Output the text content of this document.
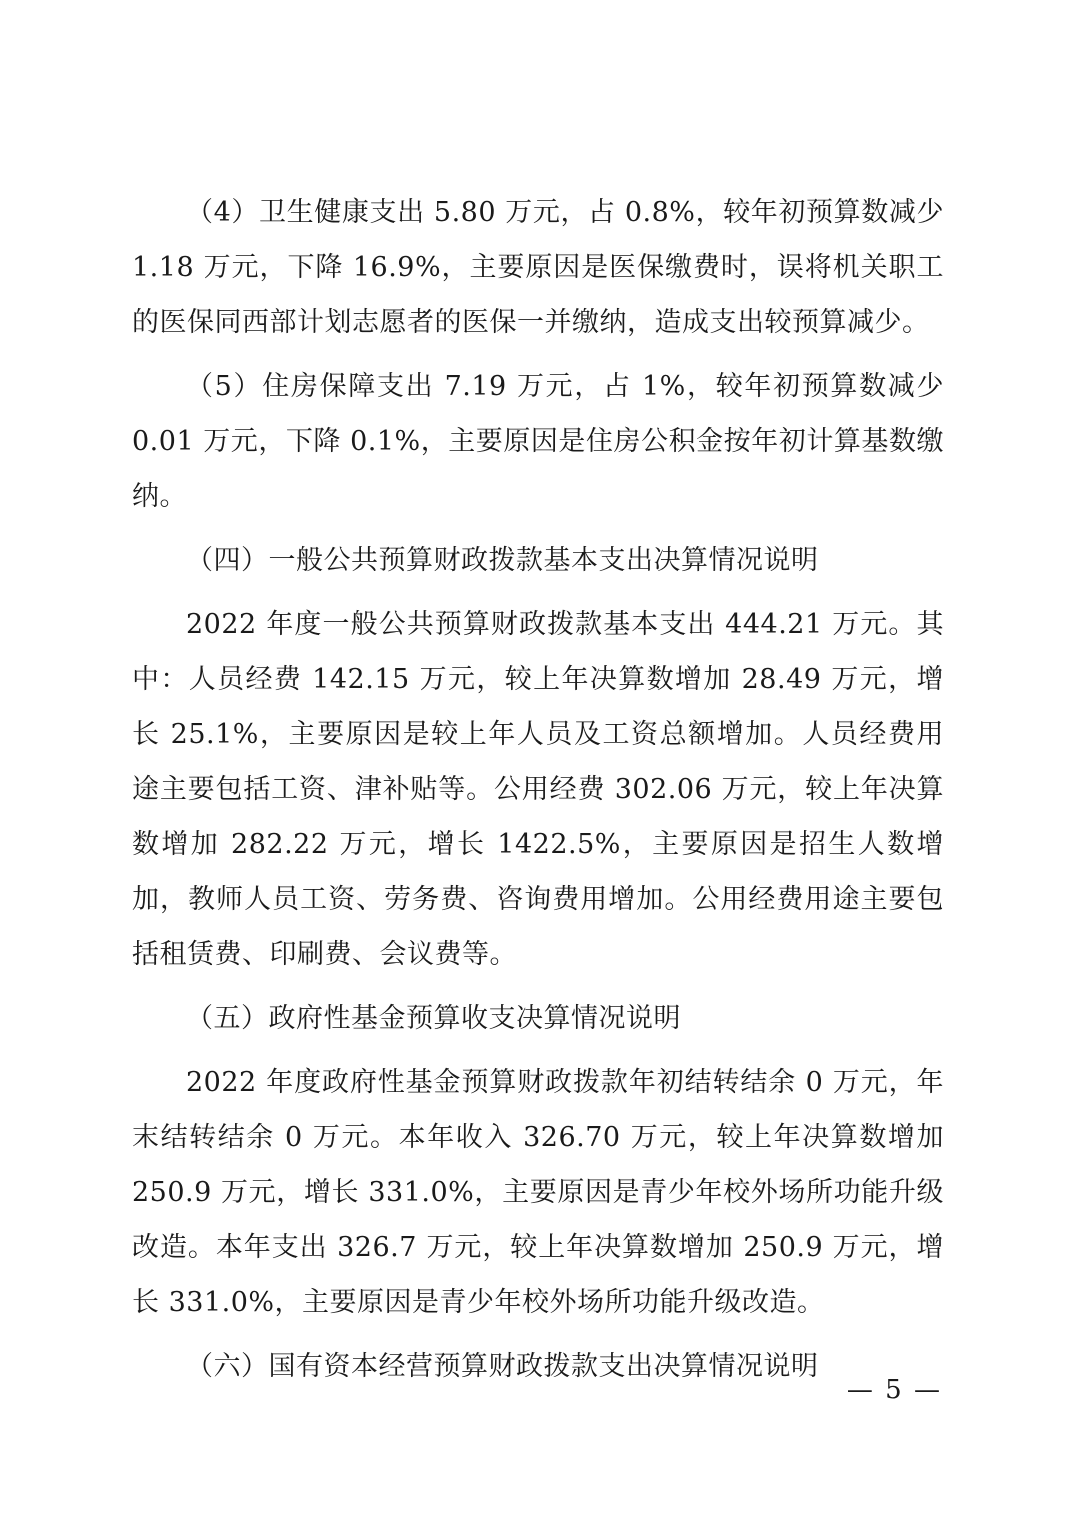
（4）卫生健康支出 5.80 万元，占 0.8%，较年初预算数减少 1.18 万元，下降 16.9%，主要原因是医保缴费时，误将机关职工的医保同西部计划志愿者的医保一并缴纳，造成支出较预算减少。

（5）住房保障支出 7.19 万元，占 1%，较年初预算数减少 0.01 万元，下降 0.1%，主要原因是住房公积金按年初计算基数缴纳。

（四）一般公共预算财政拨款基本支出决算情况说明

2022 年度一般公共预算财政拨款基本支出 444.21 万元。其中：人员经费 142.15 万元，较上年决算数增加 28.49 万元，增长 25.1%，主要原因是较上年人员及工资总额增加。人员经费用途主要包括工资、津补贴等。公用经费 302.06 万元，较上年决算数增加 282.22 万元，增长 1422.5%，主要原因是招生人数增加，教师人员工资、劳务费、咨询费用增加。公用经费用途主要包括租赁费、印刷费、会议费等。

（五）政府性基金预算收支决算情况说明

2022 年度政府性基金预算财政拨款年初结转结余 0 万元，年末结转结余 0 万元。本年收入 326.70 万元，较上年决算数增加 250.9 万元，增长 331.0%，主要原因是青少年校外场所功能升级改造。本年支出 326.7 万元，较上年决算数增加 250.9 万元，增长 331.0%，主要原因是青少年校外场所功能升级改造。

（六）国有资本经营预算财政拨款支出决算情况说明

— 5 —
